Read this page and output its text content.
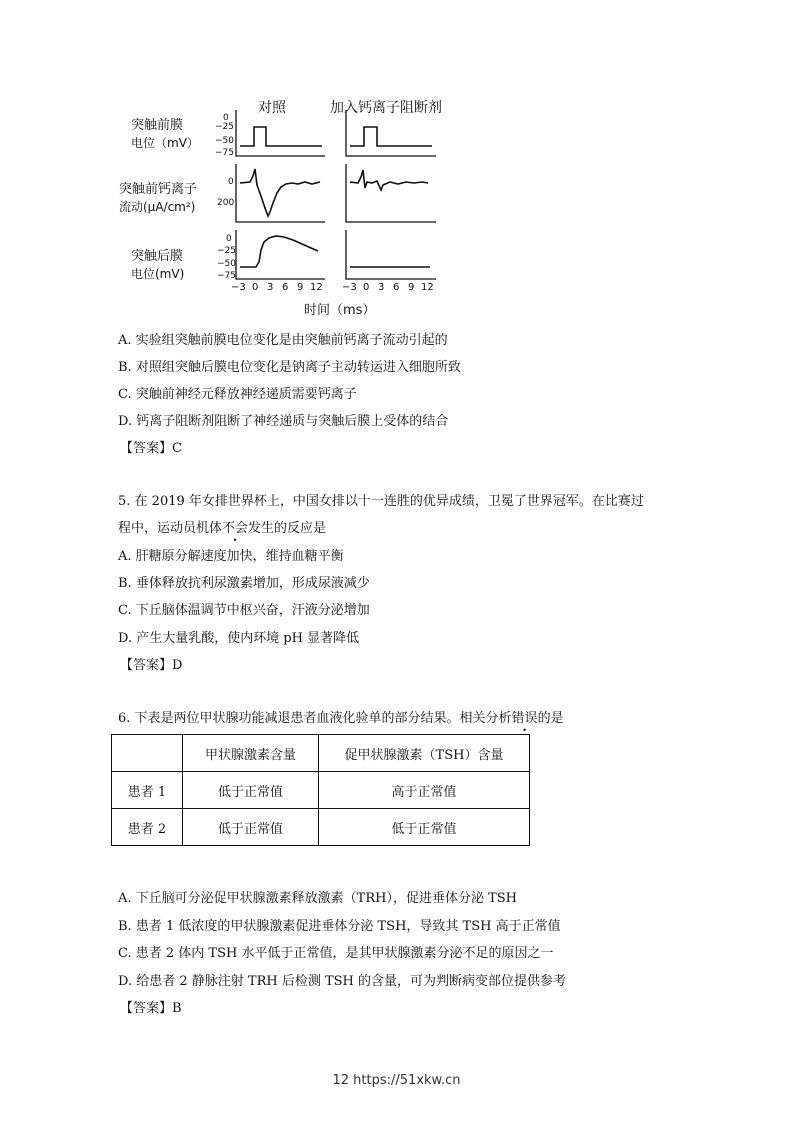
对照	加入钙离子阻断剂
突触前膜
电位（mV）
突触前钙离子
流动(μA/cm²)
突触后膜
电位(mV)
0
−25
−50
−75
0
200
0
−25
−50
−75
−3 0 3 6 9 12 −3 0 3 6 9 12
时间（ms）
A. 实验组突触前膜电位变化是由突触前钙离子流动引起的
B. 对照组突触后膜电位变化是钠离子主动转运进入细胞所致
C. 突触前神经元释放神经递质需要钙离子
D. 钙离子阻断剂阻断了神经递质与突触后膜上受体的结合
【答案】C
5. 在 2019 年女排世界杯上，中国女排以十一连胜的优异成绩，卫冕了世界冠军。在比赛过
程中，运动员机体不会发生的反应是
A. 肝糖原分解速度加快，维持血糖平衡
B. 垂体释放抗利尿激素增加，形成尿液减少
C. 下丘脑体温调节中枢兴奋，汗液分泌增加
D. 产生大量乳酸，使内环境 pH 显著降低
【答案】D
6. 下表是两位甲状腺功能减退患者血液化验单的部分结果。相关分析错误的是
	甲状腺激素含量	促甲状腺激素（TSH）含量
患者 1	低于正常值	高于正常值
患者 2	低于正常值	低于正常值
A. 下丘脑可分泌促甲状腺激素释放激素（TRH），促进垂体分泌 TSH
B. 患者 1 低浓度的甲状腺激素促进垂体分泌 TSH，导致其 TSH 高于正常值
C. 患者 2 体内 TSH 水平低于正常值，是其甲状腺激素分泌不足的原因之一
D. 给患者 2 静脉注射 TRH 后检测 TSH 的含量，可为判断病变部位提供参考
【答案】B
12 https://51xkw.cn
